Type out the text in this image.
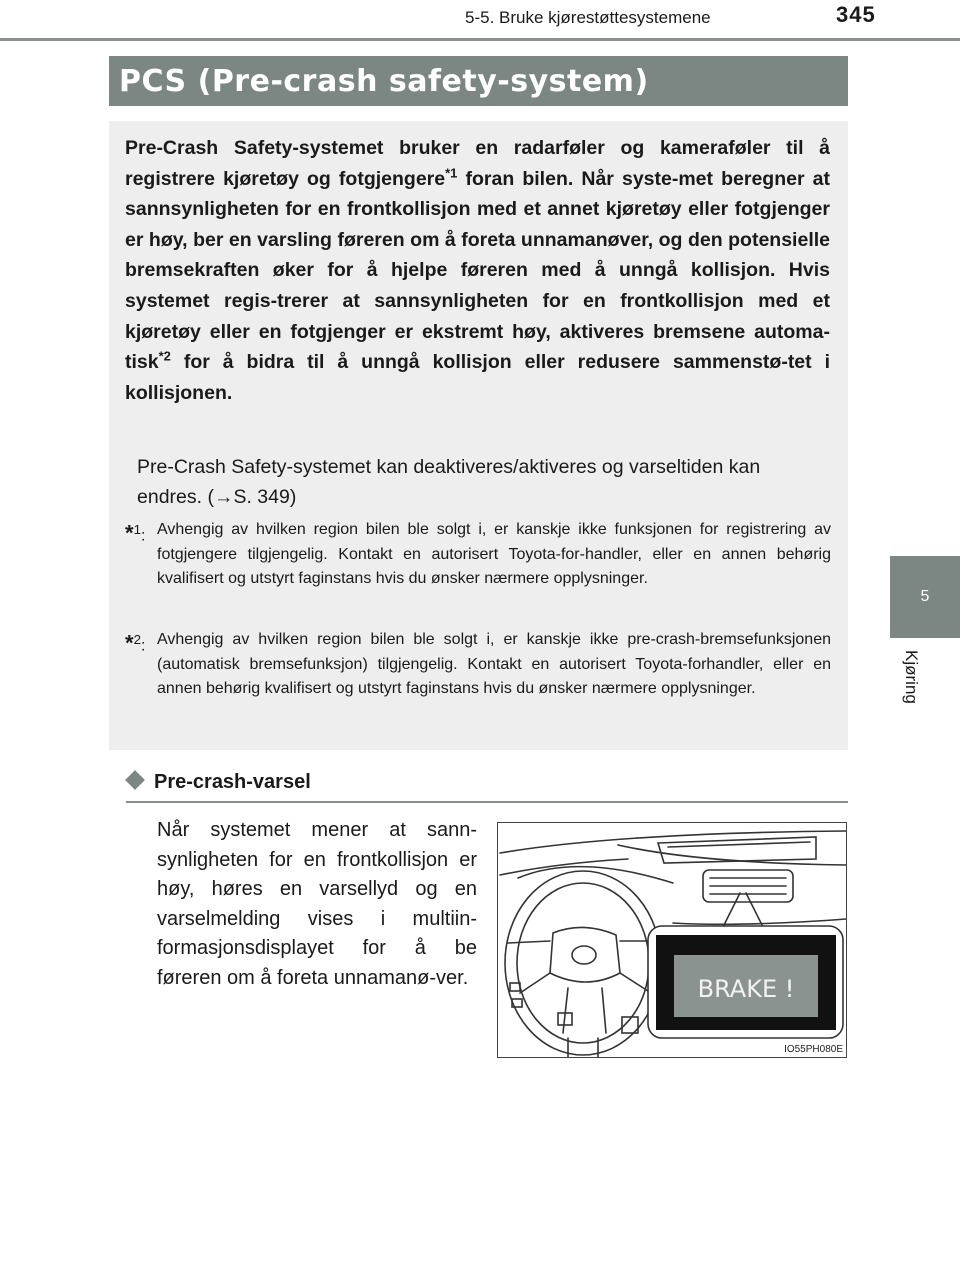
5-5. Bruke kjørestøttesystemene	345
5
Kjøring
PCS (Pre-crash safety-system)
Pre-Crash Safety-systemet bruker en radarføler og kameraføler til å registrere kjøretøy og fotgjengere$^{*1}$ foran bilen. Når syste-met beregner at sannsynligheten for en frontkollisjon med et annet kjøretøy eller fotgjenger er høy, ber en varsling føreren om å foreta unnamanøver, og den potensielle bremsekraften øker for å hjelpe føreren med å unngå kollisjon. Hvis systemet regis-trerer at sannsynligheten for en frontkollisjon med et kjøretøy eller en fotgjenger er ekstremt høy, aktiveres bremsene automa-tisk$^{*2}$ for å bidra til å unngå kollisjon eller redusere sammenstø-tet i kollisjonen.
Pre-Crash Safety-systemet kan deaktiveres/aktiveres og varseltiden kan endres. (→S. 349)
*$^1$: Avhengig av hvilken region bilen ble solgt i, er kanskje ikke funksjonen for registrering av fotgjengere tilgjengelig. Kontakt en autorisert Toyota-for-handler, eller en annen behørig kvalifisert og utstyrt faginstans hvis du ønsker nærmere opplysninger.
*$^2$: Avhengig av hvilken region bilen ble solgt i, er kanskje ikke pre-crash-bremsefunksjonen (automatisk bremsefunksjon) tilgjengelig. Kontakt en autorisert Toyota-forhandler, eller en annen behørig kvalifisert og utstyrt faginstans hvis du ønsker nærmere opplysninger.
Pre-crash-varsel
Når systemet mener at sann-synligheten for en frontkollisjon er høy, høres en varsellyd og en varselmelding vises i multiin-formasjonsdisplayet for å be føreren om å foreta unnamanø-ver.	BRAKE !
IO55PH080E
